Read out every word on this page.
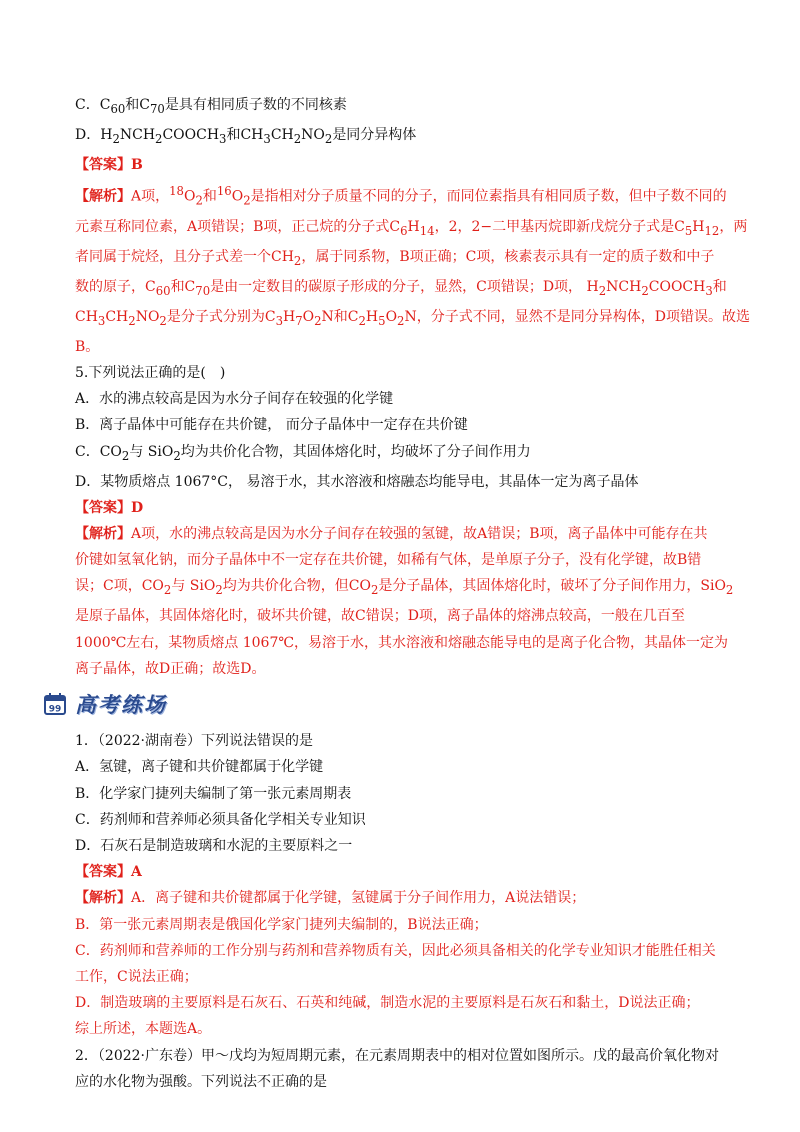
C．$C_{60}$和$C_{70}$是具有相同质子数的不同核素
D．$H_2NCH_2COOCH_3$和$CH_3CH_2NO_2$是同分异构体
【答案】B
【解析】A项，$^{18}O_2$和$^{16}O_2$是指相对分子质量不同的分子，而同位素指具有相同质子数，但中子数不同的
元素互称同位素，A项错误；B项，正己烷的分子式$C_6H_{14}$，2，2−二甲基丙烷即新戊烷分子式是$C_5H_{12}$，两
者同属于烷烃，且分子式差一个$CH_2$，属于同系物，B项正确；C项，核素表示具有一定的质子数和中子
数的原子，$C_{60}$和$C_{70}$是由一定数目的碳原子形成的分子，显然，C项错误；D项， $H_2NCH_2COOCH_3$和
$CH_3CH_2NO_2$是分子式分别为$C_3H_7O_2N$和$C_2H_5O_2N$，分子式不同，显然不是同分异构体，D项错误。故选
B。
5.下列说法正确的是(　)
A．水的沸点较高是因为水分子间存在较强的化学键
B．离子晶体中可能存在共价键， 而分子晶体中一定存在共价键
C．$CO_2$与 SiO$_2$均为共价化合物，其固体熔化时，均破坏了分子间作用力
D．某物质熔点 1067°C， 易溶于水，其水溶液和熔融态均能导电，其晶体一定为离子晶体
【答案】D
【解析】A项，水的沸点较高是因为水分子间存在较强的氢键，故A错误；B项，离子晶体中可能存在共
价键如氢氧化钠，而分子晶体中不一定存在共价键，如稀有气体，是单原子分子，没有化学键，故B错
误；C项，$CO_2$与 SiO$_2$均为共价化合物，但$CO_2$是分子晶体，其固体熔化时，破坏了分子间作用力，SiO$_2$
是原子晶体，其固体熔化时，破坏共价键，故C错误；D项，离子晶体的熔沸点较高，一般在几百至
1000℃左右，某物质熔点 1067℃，易溶于水，其水溶液和熔融态能导电的是离子化合物，其晶体一定为
离子晶体，故D正确；故选D。
99 高考练场
1．（2022·湖南卷）下列说法错误的是
A．氢键，离子键和共价键都属于化学键
B．化学家门捷列夫编制了第一张元素周期表
C．药剂师和营养师必须具备化学相关专业知识
D．石灰石是制造玻璃和水泥的主要原料之一
【答案】A
【解析】A．离子键和共价键都属于化学键，氢键属于分子间作用力，A说法错误；
B．第一张元素周期表是俄国化学家门捷列夫编制的，B说法正确；
C．药剂师和营养师的工作分别与药剂和营养物质有关，因此必须具备相关的化学专业知识才能胜任相关
工作，C说法正确；
D．制造玻璃的主要原料是石灰石、石英和纯碱，制造水泥的主要原料是石灰石和黏土，D说法正确；
综上所述，本题选A。
2．（2022·广东卷）甲～戊均为短周期元素，在元素周期表中的相对位置如图所示。戊的最高价氧化物对
应的水化物为强酸。下列说法不正确的是
